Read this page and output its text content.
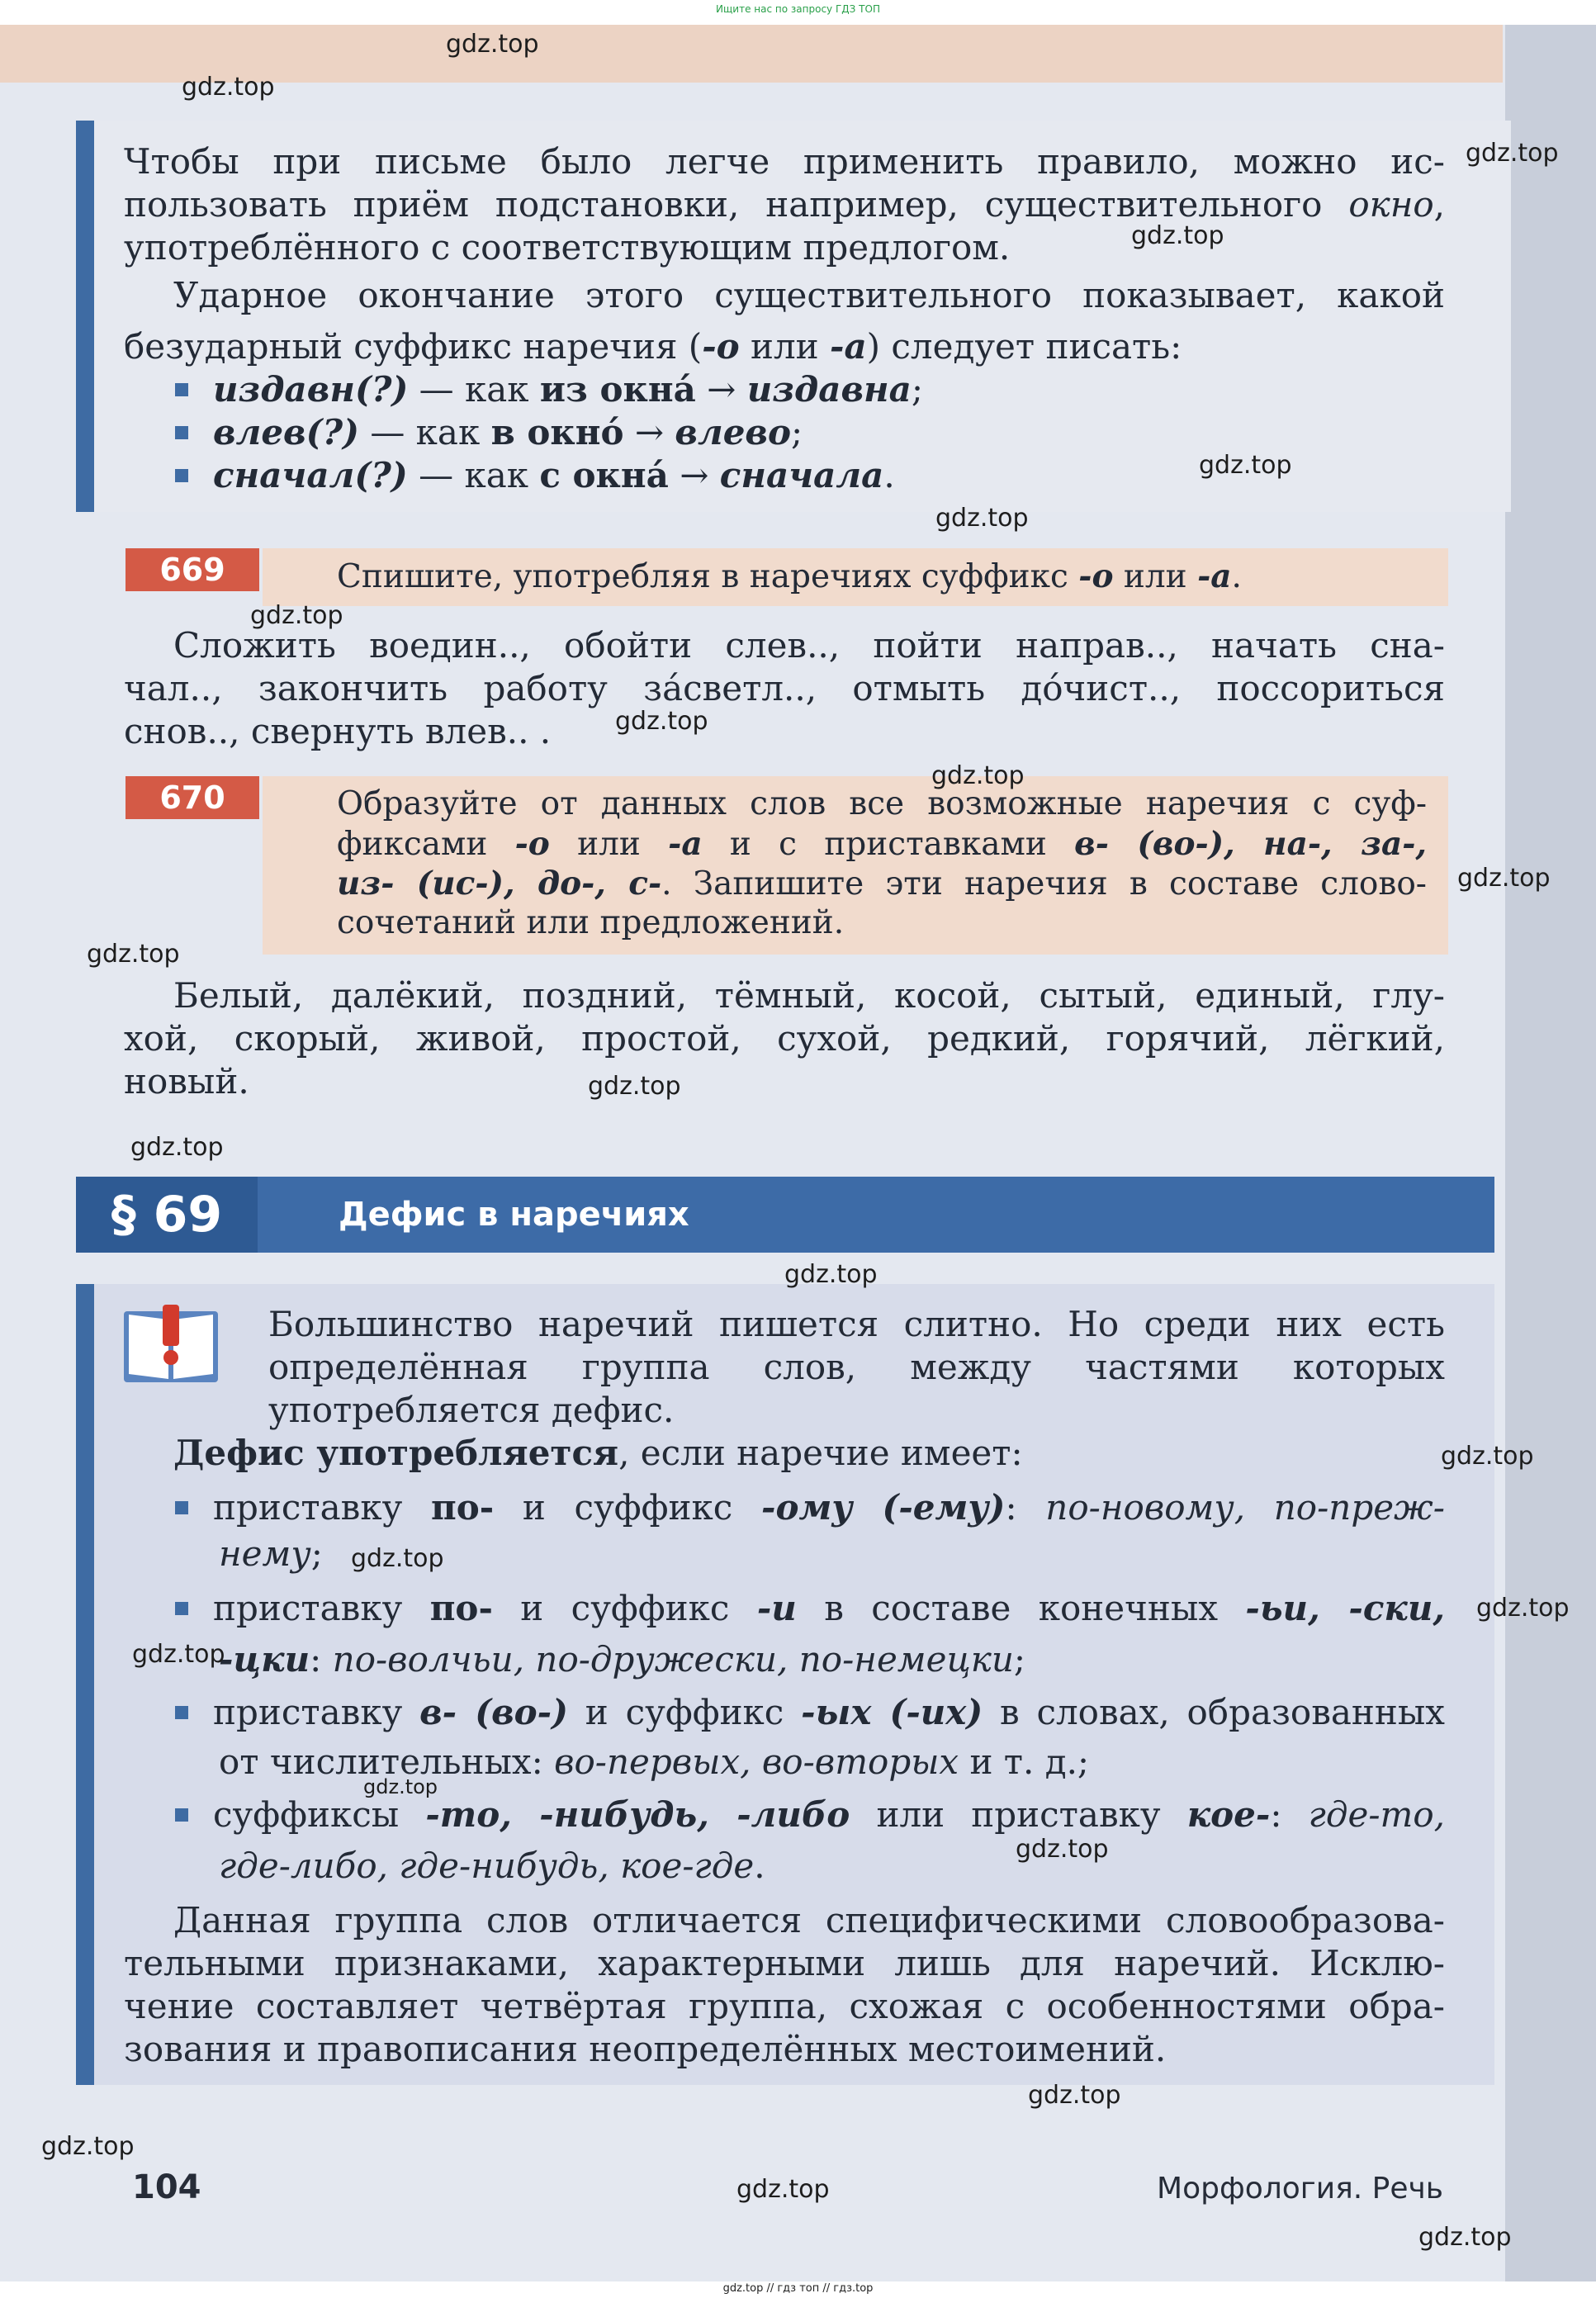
Ищите нас по запросу ГДЗ ТОП
Чтобы при письме было легче применить правило, можно ис-
пользовать приём подстановки, например, существительного окно,
употреблённого с соответствующим предлогом.
Ударное окончание этого существительного показывает, какой
безударный суффикс наречия (-о или -а) следует писать:
издавн(?) — как из окна́ → издавна;
влев(?) — как в окно́ → влево;
сначал(?) — как с окна́ → сначала.
669	Спишите, употребляя в наречиях суффикс -о или -а.
Сложить воедин.., обойти слев.., пойти направ.., начать сна-
чал.., закончить работу за́светл.., отмыть до́чист.., поссориться
снов.., свернуть влев.. .
670	Образуйте от данных слов все возможные наречия с суф-
фиксами -о или -а и с приставками в- (во-), на-, за-,
из- (ис-), до-, с-. Запишите эти наречия в составе слово-
сочетаний или предложений.
Белый, далёкий, поздний, тёмный, косой, сытый, единый, глу-
хой, скорый, живой, простой, сухой, редкий, горячий, лёгкий,
новый.
§ 69	Дефис в наречиях
Большинство наречий пишется слитно. Но среди них есть
определённая группа слов, между частями которых
употребляется дефис.
Дефис употребляется, если наречие имеет:
приставку по- и суффикс -ому (-ему): по-новому, по-преж-
нему;
приставку по- и суффикс -и в составе конечных -ьи, -ски,
-цки: по-волчьи, по-дружески, по-немецки;
приставку в- (во-) и суффикс -ых (-их) в словах, образованных
от числительных: во-первых, во-вторых и т. д.;
суффиксы -то, -нибудь, -либо или приставку кое-: где-то,
где-либо, где-нибудь, кое-где.
Данная группа слов отличается специфическими словообразова-
тельными признаками, характерными лишь для наречий. Исклю-
чение составляет четвёртая группа, схожая с особенностями обра-
зования и правописания неопределённых местоимений.
104	Морфология. Речь
gdz.top
gdz.top
gdz.top
gdz.top
gdz.top
gdz.top
gdz.top
gdz.top
gdz.top
gdz.top
gdz.top
gdz.top
gdz.top
gdz.top
gdz.top
gdz.top
gdz.top
gdz.top
gdz.top
gdz.top
gdz.top
gdz.top
gdz.top
gdz.top
gdz.top // гдз топ // гдз.top
